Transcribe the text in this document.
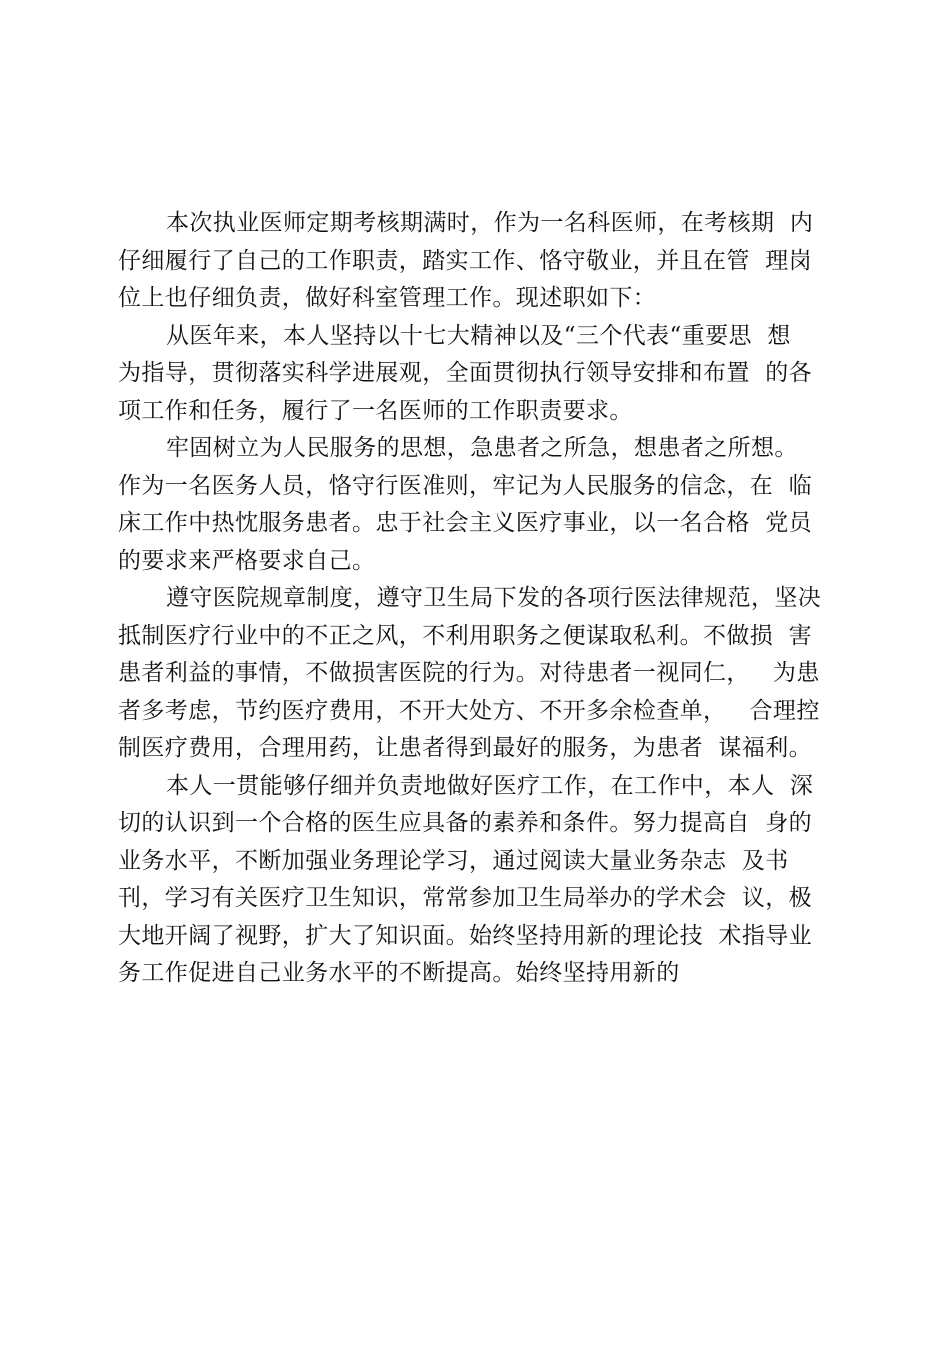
本次执业医师定期考核期满时，作为一名科医师，在考核期  内
仔细履行了自己的工作职责，踏实工作、恪守敬业，并且在管  理岗
位上也仔细负责，做好科室管理工作。现述职如下：
从医年来，本人坚持以十七大精神以及“三个代表“重要思  想
为指导，贯彻落实科学进展观，全面贯彻执行领导安排和布置  的各
项工作和任务，履行了一名医师的工作职责要求。
牢固树立为人民服务的思想，急患者之所急，想患者之所想。
作为一名医务人员，恪守行医准则，牢记为人民服务的信念，在  临
床工作中热忱服务患者。忠于社会主义医疗事业，以一名合格  党员
的要求来严格要求自己。
遵守医院规章制度，遵守卫生局下发的各项行医法律规范，坚决
抵制医疗行业中的不正之风，不利用职务之便谋取私利。不做损  害
患者利益的事情，不做损害医院的行为。对待患者一视同仁，   为患
者多考虑，节约医疗费用，不开大处方、不开多余检查单，   合理控
制医疗费用，合理用药，让患者得到最好的服务，为患者  谋福利。
本人一贯能够仔细并负责地做好医疗工作，在工作中，本人  深
切的认识到一个合格的医生应具备的素养和条件。努力提高自  身的
业务水平，不断加强业务理论学习，通过阅读大量业务杂志  及书
刊，学习有关医疗卫生知识，常常参加卫生局举办的学术会  议，极
大地开阔了视野，扩大了知识面。始终坚持用新的理论技  术指导业
务工作促进自己业务水平的不断提高。始终坚持用新的
